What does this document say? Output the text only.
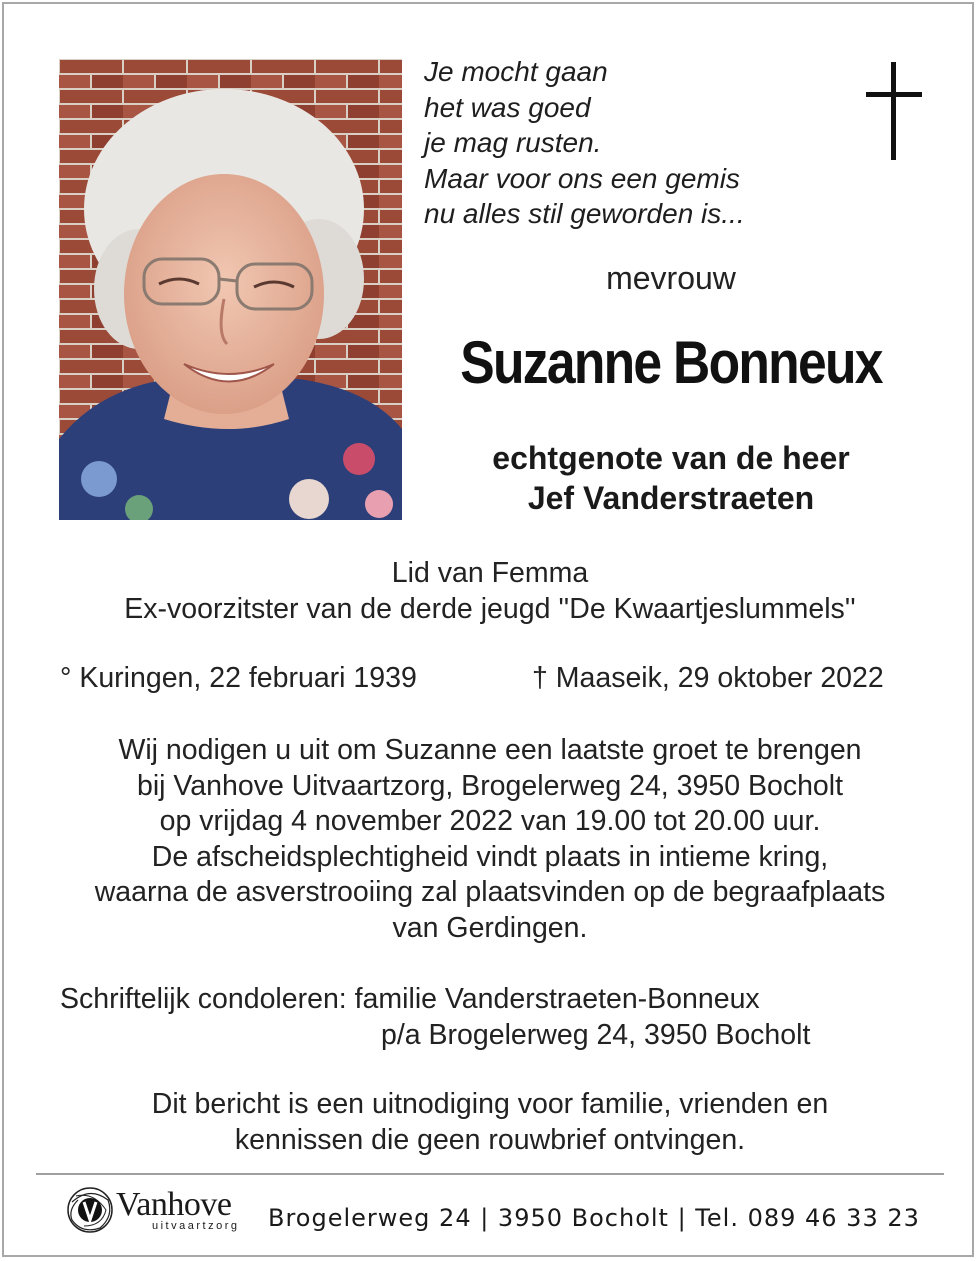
Je mocht gaan
het was goed
je mag rusten.
Maar voor ons een gemis
nu alles stil geworden is...
mevrouw
Suzanne Bonneux
echtgenote van de heer
Jef Vanderstraeten
Lid van Femma
Ex-voorzitster van de derde jeugd ''De Kwaartjeslummels''
° Kuringen, 22 februari 1939	† Maaseik, 29 oktober 2022
Wij nodigen u uit om Suzanne een laatste groet te brengen
bij Vanhove Uitvaartzorg, Brogelerweg 24, 3950 Bocholt
op vrijdag 4 november 2022 van 19.00 tot 20.00 uur.
De afscheidsplechtigheid vindt plaats in intieme kring,
waarna de asverstrooiing zal plaatsvinden op de begraafplaats
van Gerdingen.
Schriftelijk condoleren: familie Vanderstraeten-Bonneux
p/a Brogelerweg 24, 3950 Bocholt
Dit bericht is een uitnodiging voor familie, vrienden en
kennissen die geen rouwbrief ontvingen.
Vanhove
uitvaartzorg Brogelerweg 24 | 3950 Bocholt | Tel. 089 46 33 23
